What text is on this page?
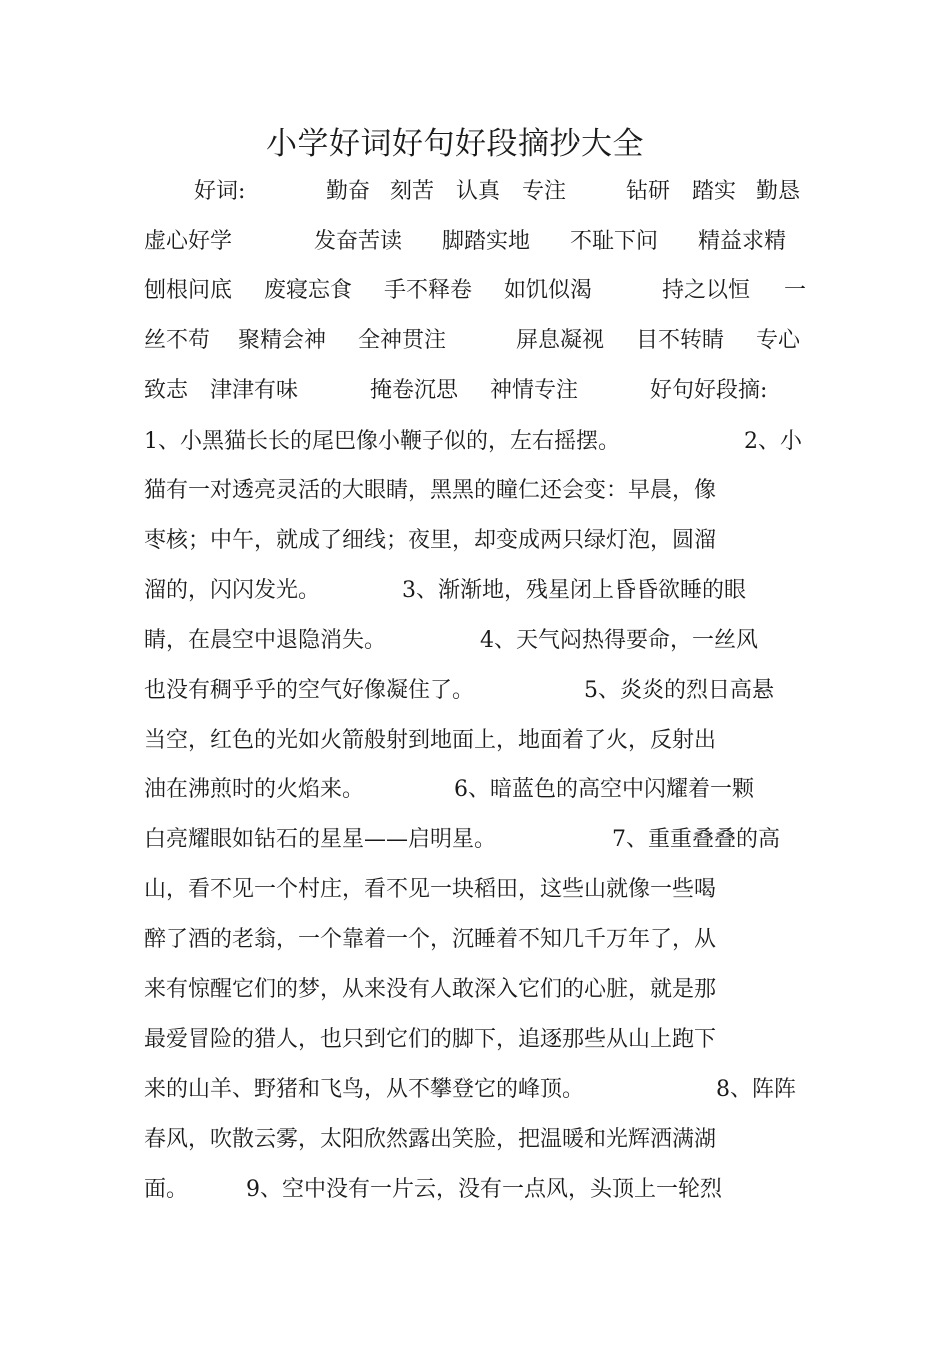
小学好词好句好段摘抄大全
好词:	勤奋 刻苦 认真 专注	钻研 踏实 勤恳
虚心好学	发奋苦读 脚踏实地 不耻下问 精益求精
刨根问底 废寝忘食 手不释卷 如饥似渴	持之以恒 一
丝不苟 聚精会神 全神贯注	屏息凝视 目不转睛 专心
致志 津津有味	掩卷沉思 神情专注	好句好段摘:
1、小黑猫长长的尾巴像小鞭子似的，左右摇摆。	2、小
猫有一对透亮灵活的大眼睛，黑黑的瞳仁还会变：早晨，像
枣核；中午，就成了细线；夜里，却变成两只绿灯泡，圆溜
溜的，闪闪发光。	3、渐渐地，残星闭上昏昏欲睡的眼
睛，在晨空中退隐消失。	4、天气闷热得要命，一丝风
也没有稠乎乎的空气好像凝住了。	5、炎炎的烈日高悬
当空，红色的光如火箭般射到地面上，地面着了火，反射出
油在沸煎时的火焰来。	6、暗蓝色的高空中闪耀着一颗
白亮耀眼如钻石的星星——启明星。	7、重重叠叠的高
山，看不见一个村庄，看不见一块稻田，这些山就像一些喝
醉了酒的老翁，一个靠着一个，沉睡着不知几千万年了，从
来有惊醒它们的梦，从来没有人敢深入它们的心脏，就是那
最爱冒险的猎人，也只到它们的脚下，追逐那些从山上跑下
来的山羊、野猪和飞鸟，从不攀登它的峰顶。	8、阵阵
春风，吹散云雾，太阳欣然露出笑脸，把温暖和光辉洒满湖
面。	9、空中没有一片云，没有一点风，头顶上一轮烈
